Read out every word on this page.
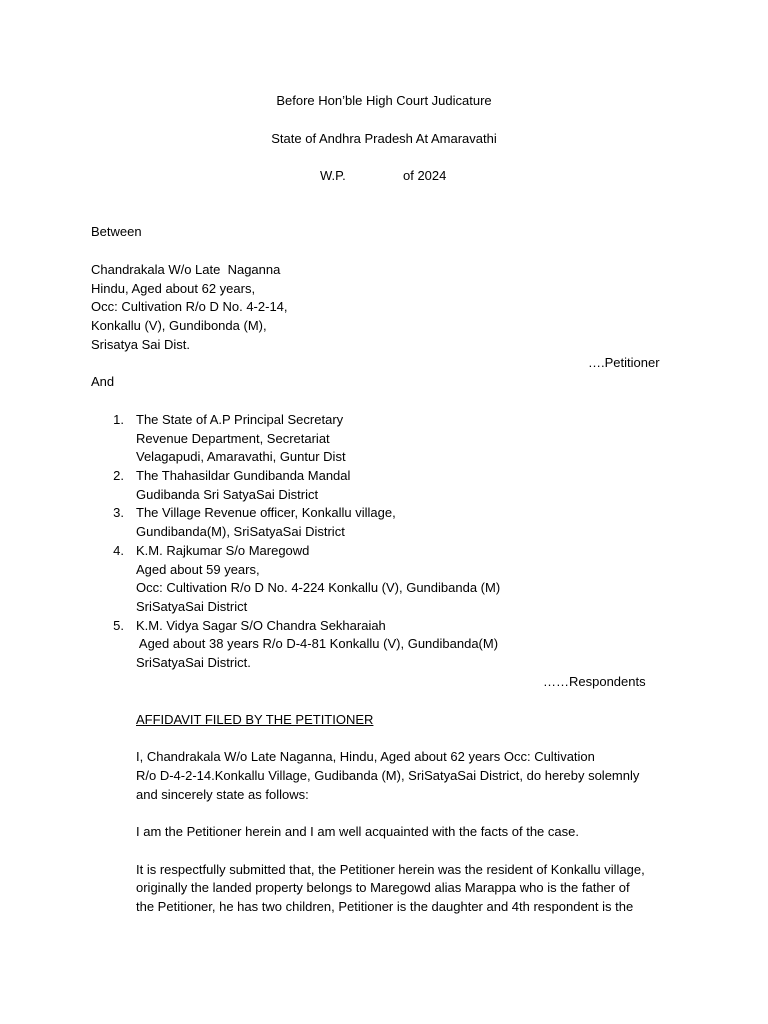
Before Hon’ble High Court Judicature
State of Andhra Pradesh At Amaravathi
W.P.	of 2024
Between
Chandrakala W/o Late  Naganna
Hindu, Aged about 62 years,
Occ: Cultivation R/o D No. 4-2-14,
Konkallu (V), Gundibonda (M),
Srisatya Sai Dist.
….Petitioner
And
1. The State of A.P Principal Secretary
Revenue Department, Secretariat
Velagapudi, Amaravathi, Guntur Dist
2. The Thahasildar Gundibanda Mandal
Gudibanda Sri SatyaSai District
3. The Village Revenue officer, Konkallu village,
Gundibanda(M), SriSatyaSai District
4. K.M. Rajkumar S/o Maregowd
Aged about 59 years,
Occ: Cultivation R/o D No. 4-224 Konkallu (V), Gundibanda (M)
SriSatyaSai District
5. K.M. Vidya Sagar S/O Chandra Sekharaiah
Aged about 38 years R/o D-4-81 Konkallu (V), Gundibanda(M)
SriSatyaSai District.
……Respondents
AFFIDAVIT FILED BY THE PETITIONER
I, Chandrakala W/o Late Naganna, Hindu, Aged about 62 years Occ: Cultivation
R/o D-4-2-14.Konkallu Village, Gudibanda (M), SriSatyaSai District, do hereby solemnly
and sincerely state as follows:
I am the Petitioner herein and I am well acquainted with the facts of the case.
It is respectfully submitted that, the Petitioner herein was the resident of Konkallu village,
originally the landed property belongs to Maregowd alias Marappa who is the father of
the Petitioner, he has two children, Petitioner is the daughter and 4th respondent is the
